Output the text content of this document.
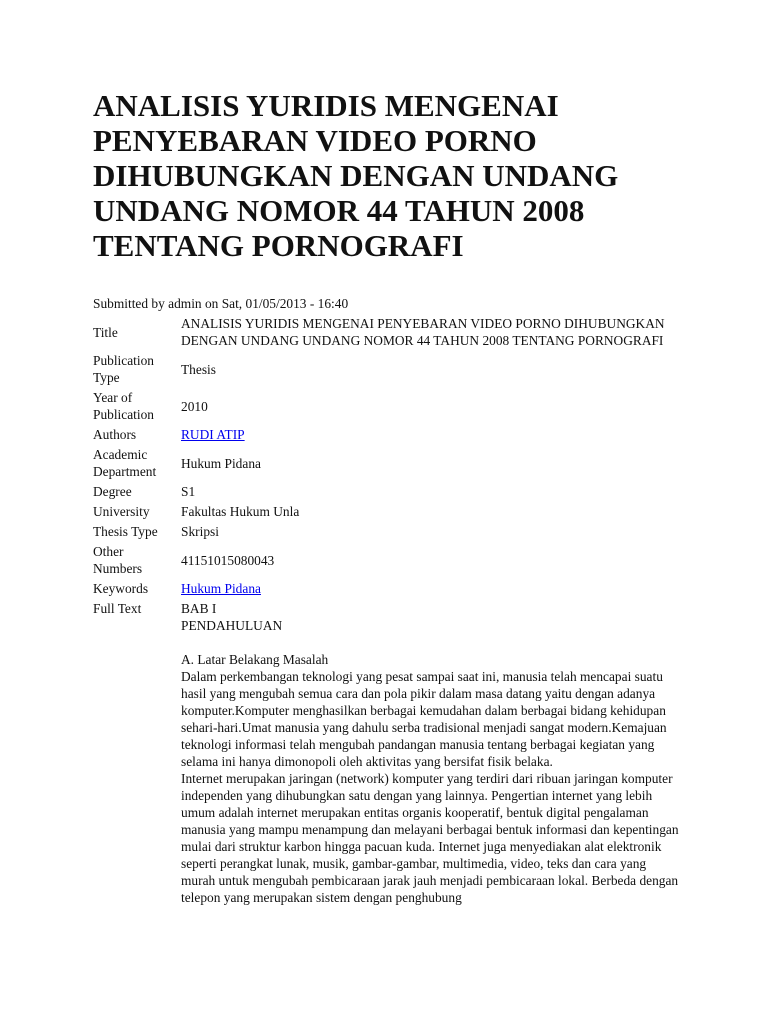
ANALISIS YURIDIS MENGENAI PENYEBARAN VIDEO PORNO DIHUBUNGKAN DENGAN UNDANG UNDANG NOMOR 44 TAHUN 2008 TENTANG PORNOGRAFI
Submitted by admin on Sat, 01/05/2013 - 16:40
Title	ANALISIS YURIDIS MENGENAI PENYEBARAN VIDEO PORNO DIHUBUNGKAN DENGAN UNDANG UNDANG NOMOR 44 TAHUN 2008 TENTANG PORNOGRAFI
Publication
Type	Thesis
Year of
Publication	2010
Authors	RUDI ATIP
Academic
Department	Hukum Pidana
Degree	S1
University	Fakultas Hukum Unla
Thesis Type	Skripsi
Other
Numbers	41151015080043
Keywords	Hukum Pidana
Full Text	BAB I

PENDAHULUAN

A. Latar Belakang Masalah

Dalam perkembangan teknologi yang pesat sampai saat ini, manusia telah mencapai suatu hasil yang mengubah semua cara dan pola pikir dalam masa datang yaitu dengan adanya komputer.Komputer menghasilkan berbagai kemudahan dalam berbagai bidang kehidupan sehari-hari.Umat manusia yang dahulu serba tradisional menjadi sangat modern.Kemajuan teknologi informasi telah mengubah pandangan manusia tentang berbagai kegiatan yang selama ini hanya dimonopoli oleh aktivitas yang bersifat fisik belaka.

Internet merupakan jaringan (network) komputer yang terdiri dari ribuan jaringan komputer independen yang dihubungkan satu dengan yang lainnya. Pengertian internet yang lebih umum adalah internet merupakan entitas organis kooperatif, bentuk digital pengalaman manusia yang mampu menampung dan melayani berbagai bentuk informasi dan kepentingan mulai dari struktur karbon hingga pacuan kuda. Internet juga menyediakan alat elektronik seperti perangkat lunak, musik, gambar-gambar, multimedia, video, teks dan cara yang murah untuk mengubah pembicaraan jarak jauh menjadi pembicaraan lokal. Berbeda dengan telepon yang merupakan sistem dengan penghubung
